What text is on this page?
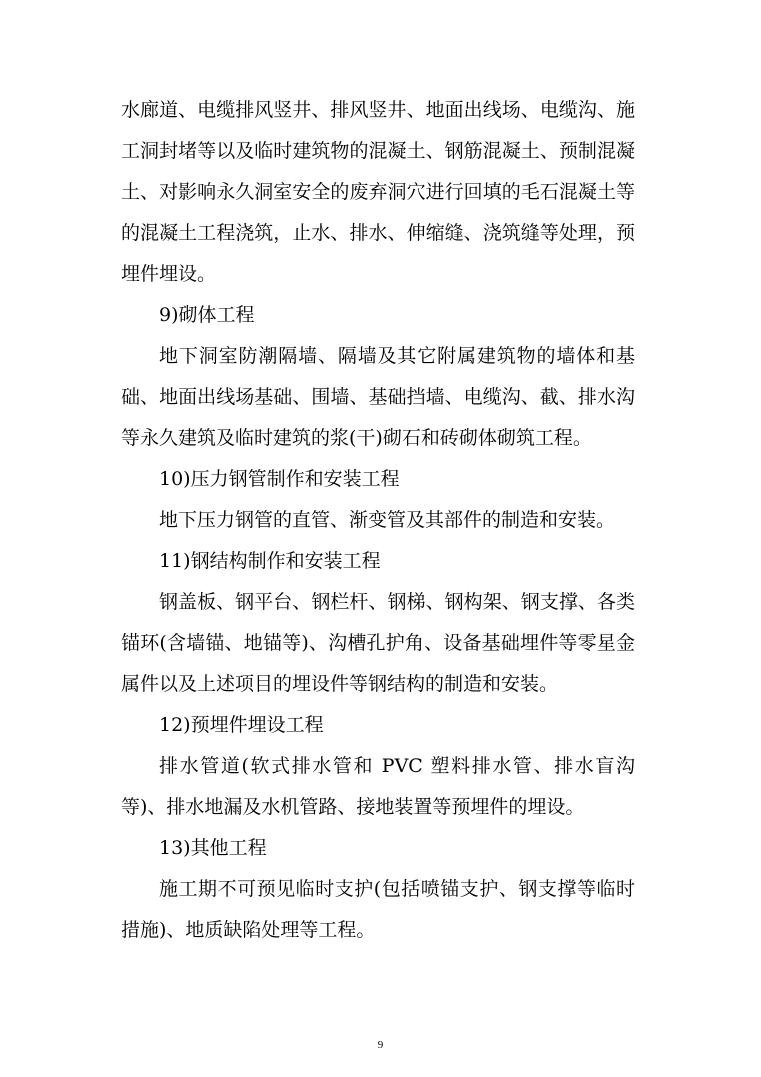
水廊道、电缆排风竖井、排风竖井、地面出线场、电缆沟、施工洞封堵等以及临时建筑物的混凝土、钢筋混凝土、预制混凝土、对影响永久洞室安全的废弃洞穴进行回填的毛石混凝土等的混凝土工程浇筑，止水、排水、伸缩缝、浇筑缝等处理，预埋件埋设。

9)砌体工程

地下洞室防潮隔墙、隔墙及其它附属建筑物的墙体和基础、地面出线场基础、围墙、基础挡墙、电缆沟、截、排水沟等永久建筑及临时建筑的浆(干)砌石和砖砌体砌筑工程。

10)压力钢管制作和安装工程

地下压力钢管的直管、渐变管及其部件的制造和安装。

11)钢结构制作和安装工程

钢盖板、钢平台、钢栏杆、钢梯、钢构架、钢支撑、各类锚环(含墙锚、地锚等)、沟槽孔护角、设备基础埋件等零星金属件以及上述项目的埋设件等钢结构的制造和安装。

12)预埋件埋设工程

排水管道(软式排水管和 PVC 塑料排水管、排水盲沟等)、排水地漏及水机管路、接地装置等预埋件的埋设。

13)其他工程

施工期不可预见临时支护(包括喷锚支护、钢支撑等临时措施)、地质缺陷处理等工程。

9
